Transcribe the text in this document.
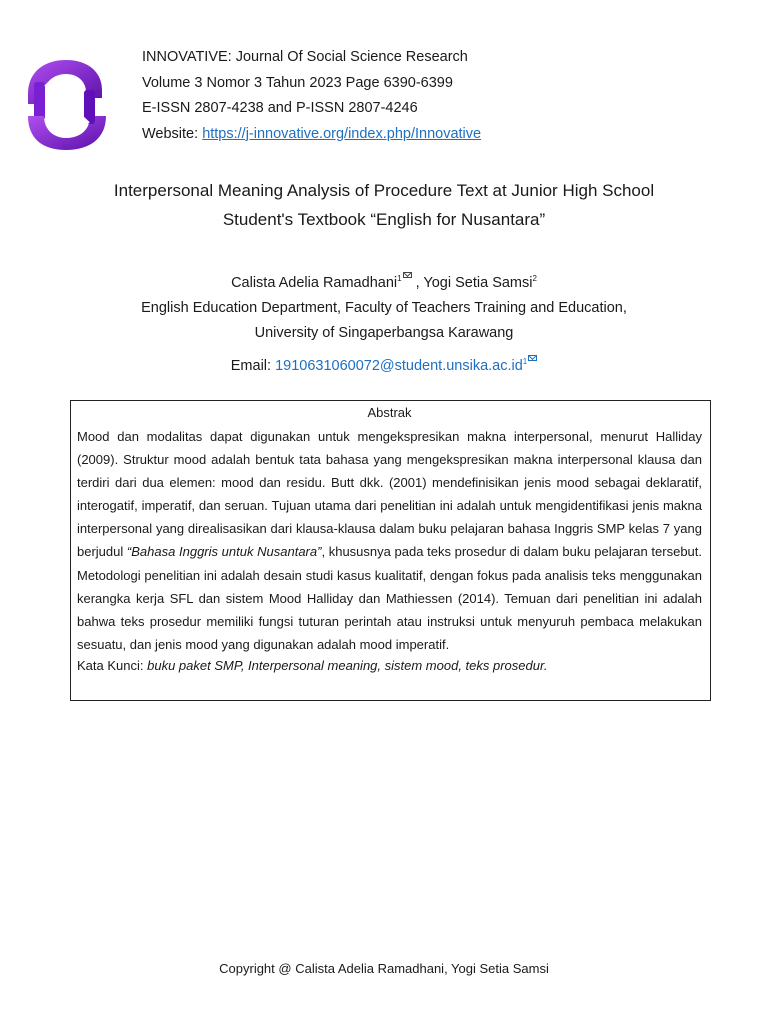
INNOVATIVE: Journal Of Social Science Research
Volume 3 Nomor 3 Tahun 2023 Page 6390-6399
E-ISSN 2807-4238 and P-ISSN 2807-4246
Website: https://j-innovative.org/index.php/Innovative
Interpersonal Meaning Analysis of Procedure Text at Junior High School
Student's Textbook “English for Nusantara”
Calista Adelia Ramadhani$^1$ , Yogi Setia Samsi$^2$
English Education Department, Faculty of Teachers Training and Education,
University of Singaperbangsa Karawang
Email: $1910631060072@student.unsika.ac.id^1$
Abstrak

Mood dan modalitas dapat digunakan untuk mengekspresikan makna interpersonal, menurut Halliday (2009). Struktur mood adalah bentuk tata bahasa yang mengekspresikan makna interpersonal klausa dan terdiri dari dua elemen: mood dan residu. Butt dkk. (2001) mendefinisikan jenis mood sebagai deklaratif, interogatif, imperatif, dan seruan. Tujuan utama dari penelitian ini adalah untuk mengidentifikasi jenis makna interpersonal yang direalisasikan dari klausa-klausa dalam buku pelajaran bahasa Inggris SMP kelas 7 yang berjudul “Bahasa Inggris untuk Nusantara”, khususnya pada teks prosedur di dalam buku pelajaran tersebut. Metodologi penelitian ini adalah desain studi kasus kualitatif, dengan fokus pada analisis teks menggunakan kerangka kerja SFL dan sistem Mood Halliday dan Mathiessen (2014). Temuan dari penelitian ini adalah bahwa teks prosedur memiliki fungsi tuturan perintah atau instruksi untuk menyuruh pembaca melakukan sesuatu, dan jenis mood yang digunakan adalah mood imperatif.

Kata Kunci: buku paket SMP, Interpersonal meaning, sistem mood, teks prosedur.

Copyright @ Calista Adelia Ramadhani, Yogi Setia Samsi
